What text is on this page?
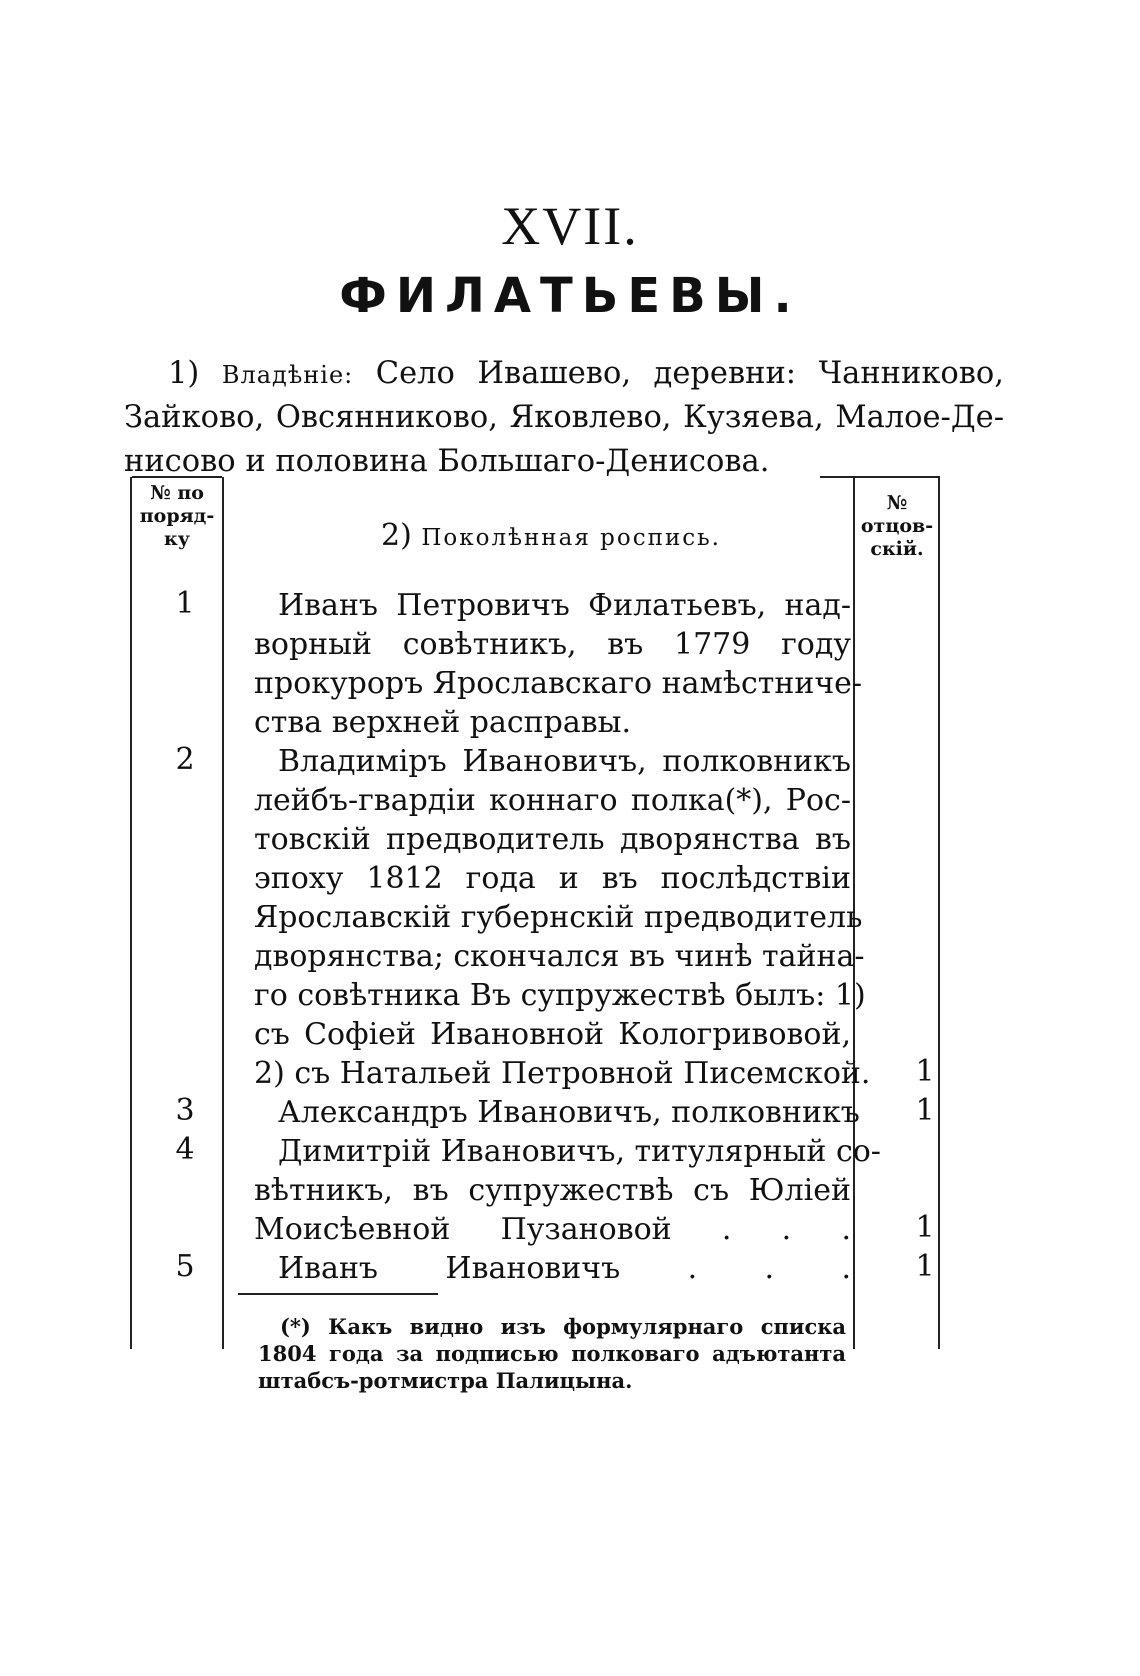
XVII.
ФИЛАТЬЕВЫ.
1) Владѣніе: Село Ивашево, деревни: Чанниково,
Зайково, Овсянниково, Яковлево, Кузяева, Малое-Де-
нисово и половина Большаго-Денисова.
№ по
поряд-
ку
№ отцов-
скій.
2) Поколѣнная роспись.
1	Иванъ Петровичъ Филатьевъ, над-
ворный совѣтникъ, въ 1779 году
прокуроръ Ярославскаго намѣстниче-
ства верхней расправы.
2	Владиміръ Ивановичъ, полковникъ
лейбъ-гвардіи коннаго полка(*), Рос-
товскій предводитель дворянства въ
эпоху 1812 года и въ послѣдствіи
Ярославскій губернскій предводитель
дворянства; скончался въ чинѣ тайна-
го совѣтника Въ супружествѣ былъ: 1)
съ Софіей Ивановной Кологривовой,
2) съ Натальей Петровной Писемской.	1
3	Александръ Ивановичъ, полковникъ	1
4	Димитрій Ивановичъ, титулярный со-
вѣтникъ, въ супружествѣ съ Юліей
Моисѣевной Пузановой . . .	1
5	Иванъ Ивановичъ . . .	1
(*) Какъ видно изъ формулярнаго списка
1804 года за подписью полковаго адъютанта
штабсъ-ротмистра Палицына.
